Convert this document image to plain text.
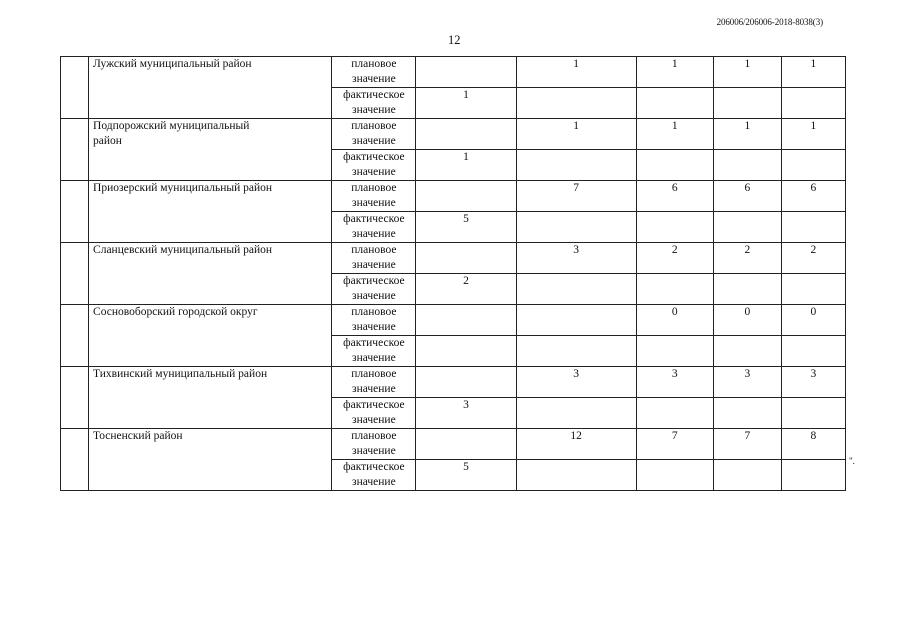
206006/206006-2018-8038(3)
12

	Лужский муниципальный район	плановое значение		1	1	1	1

		фактическое значение	1				

	Подпорожский муниципальный район	плановое значение		1	1	1	1

		фактическое значение	1				

	Приозерский муниципальный район	плановое значение		7	6	6	6

		фактическое значение	5				

	Сланцевский муниципальный район	плановое значение		3	2	2	2

		фактическое значение	2				

	Сосновоборский городской округ	плановое значение			0	0	0

		фактическое значение					

	Тихвинский муниципальный район	плановое значение		3	3	3	3

		фактическое значение	3				

	Тосненский район	плановое значение		12	7	7	8

		фактическое значение	5					".
